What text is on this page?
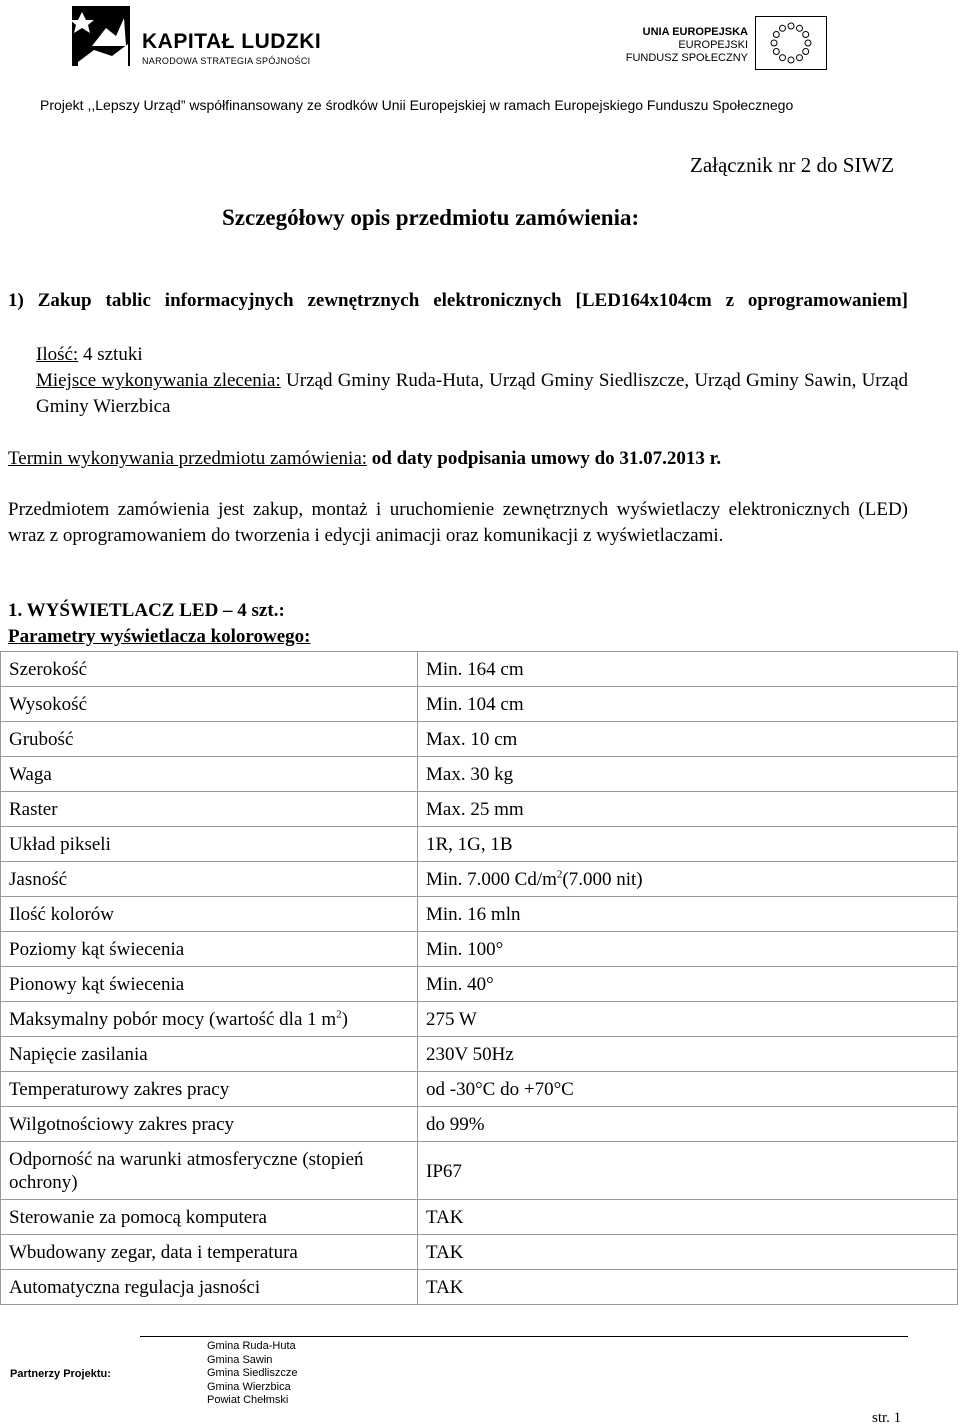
KAPITAŁ LUDZKI
NARODOWA STRATEGIA SPÓJNOŚCI
UNIA EUROPEJSKA
EUROPEJSKI
FUNDUSZ SPOŁECZNY
Projekt ,,Lepszy Urząd” współfinansowany ze środków Unii Europejskiej w ramach Europejskiego Funduszu Społecznego
Załącznik nr 2 do SIWZ
Szczegółowy opis przedmiotu zamówienia:
1) Zakup tablic informacyjnych zewnętrznych elektronicznych [LED164x104cm z oprogramowaniem]
Ilość: 4 sztuki
Miejsce wykonywania zlecenia: Urząd Gminy Ruda-Huta, Urząd Gminy Siedliszcze, Urząd Gminy Sawin, Urząd Gminy Wierzbica
Termin wykonywania przedmiotu zamówienia: od daty podpisania umowy do 31.07.2013 r.
Przedmiotem zamówienia jest zakup, montaż i uruchomienie zewnętrznych wyświetlaczy elektronicznych (LED) wraz z oprogramowaniem do tworzenia i edycji animacji oraz komunikacji z wyświetlaczami.
1. WYŚWIETLACZ LED – 4 szt.:
Parametry wyświetlacza kolorowego:
Szerokość	Min. 164 cm
Wysokość	Min. 104 cm
Grubość	Max. 10 cm
Waga	Max. 30 kg
Raster	Max. 25 mm
Układ pikseli	1R, 1G, 1B
Jasność	Min. 7.000 $Cd/m^2(7.000$ nit)
Ilość kolorów	Min. 16 mln
Poziomy kąt świecenia	Min. 100°
Pionowy kąt świecenia	Min. 40°
Maksymalny pobór mocy (wartość dla 1 $m^2$)	275 W
Napięcie zasilania	230V 50Hz
Temperaturowy zakres pracy	od -30°C do +70°C
Wilgotnościowy zakres pracy	do 99%
Odporność na warunki atmosferyczne (stopień ochrony)	IP67
Sterowanie za pomocą komputera	TAK
Wbudowany zegar, data i temperatura	TAK
Automatyczna regulacja jasności	TAK
Partnerzy Projektu:
Gmina Ruda-Huta
Gmina Sawin
Gmina Siedliszcze
Gmina Wierzbica
Powiat Chełmski
str. 1
